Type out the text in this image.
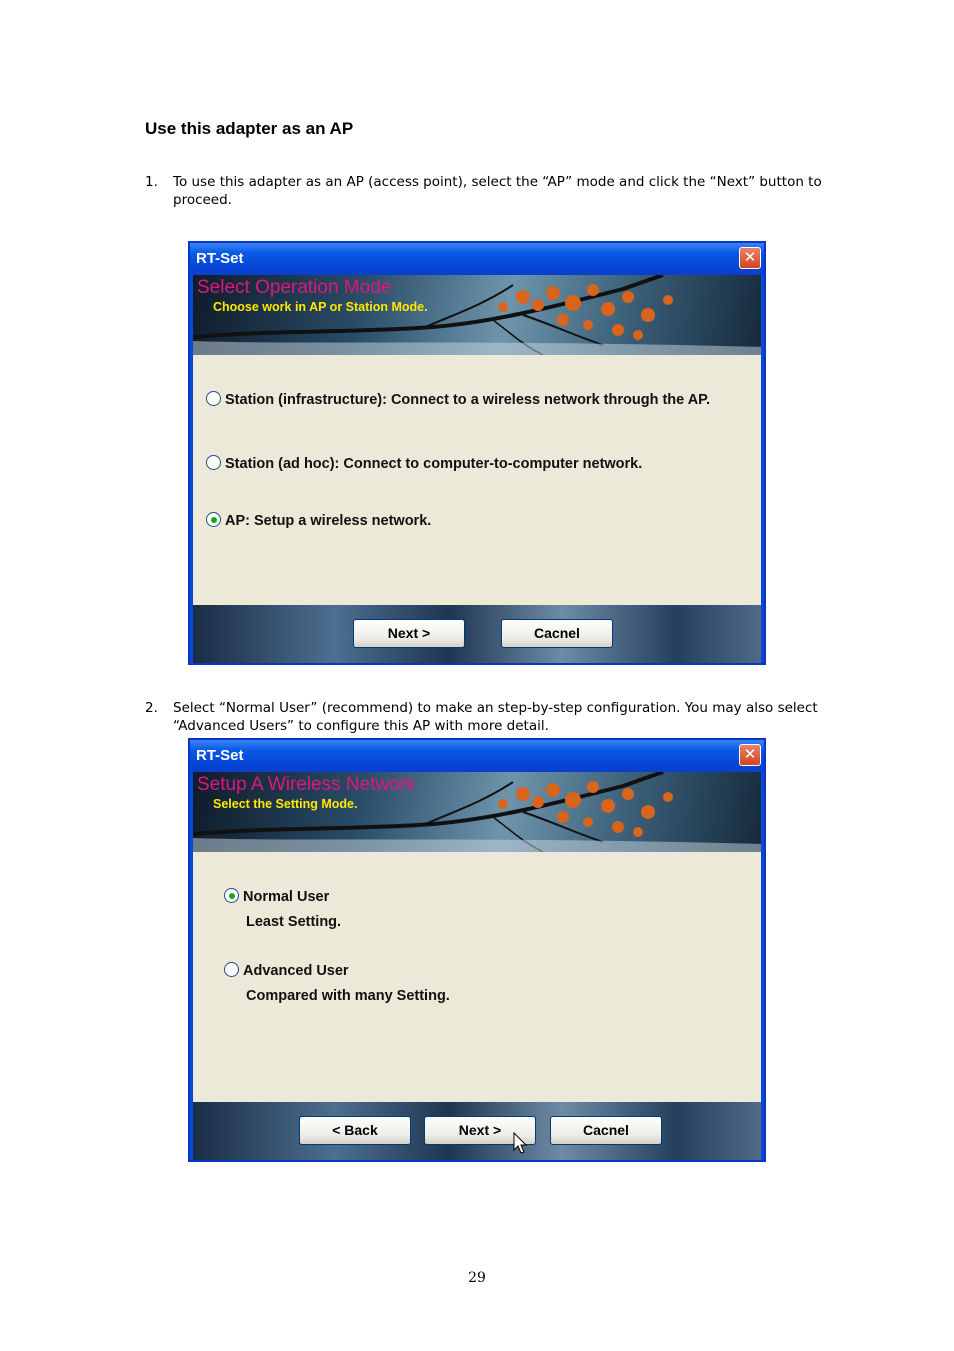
Use this adapter as an AP
1. To use this adapter as an AP (access point), select the “AP” mode and click the “Next” button to proceed.
RT-Set	✕
Select Operation Mode
Choose work in AP or Station Mode.
Station (infrastructure): Connect to a wireless network through the AP.
Station (ad hoc): Connect to computer-to-computer network.
AP: Setup a wireless network.
Next >	Cacnel
2. Select “Normal User” (recommend) to make an step-by-step configuration. You may also select “Advanced Users” to configure this AP with more detail.
RT-Set	✕
Setup A Wireless Network
Select the Setting Mode.
Normal User
Least Setting.
Advanced User
Compared with many Setting.
< Back	Next >	Cacnel
29
